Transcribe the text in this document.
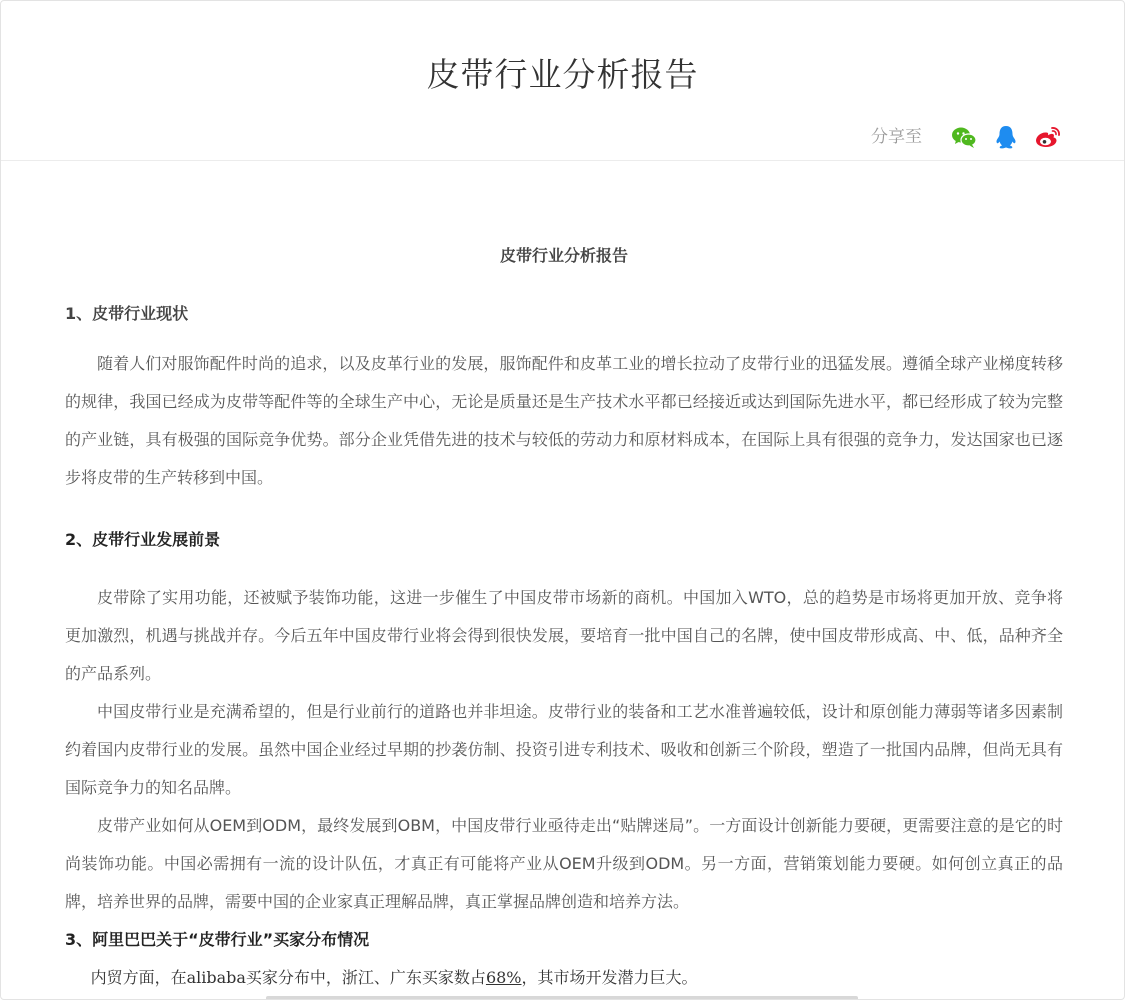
皮带行业分析报告
分享至
皮带行业分析报告
1、皮带行业现状

随着人们对服饰配件时尚的追求，以及皮革行业的发展，服饰配件和皮革工业的增长拉动了皮带行业的迅猛发展。遵循全球产业梯度转移的规律，我国已经成为皮带等配件等的全球生产中心，无论是质量还是生产技术水平都已经接近或达到国际先进水平，都已经形成了较为完整的产业链，具有极强的国际竞争优势。部分企业凭借先进的技术与较低的劳动力和原材料成本，在国际上具有很强的竞争力，发达国家也已逐步将皮带的生产转移到中国。

2、皮带行业发展前景

皮带除了实用功能，还被赋予装饰功能，这进一步催生了中国皮带市场新的商机。中国加入WTO，总的趋势是市场将更加开放、竞争将更加激烈，机遇与挑战并存。今后五年中国皮带行业将会得到很快发展，要培育一批中国自己的名牌，使中国皮带形成高、中、低，品种齐全的产品系列。

中国皮带行业是充满希望的，但是行业前行的道路也并非坦途。皮带行业的装备和工艺水准普遍较低，设计和原创能力薄弱等诸多因素制约着国内皮带行业的发展。虽然中国企业经过早期的抄袭仿制、投资引进专利技术、吸收和创新三个阶段，塑造了一批国内品牌，但尚无具有国际竞争力的知名品牌。

皮带产业如何从OEM到ODM，最终发展到OBM，中国皮带行业亟待走出“贴牌迷局”。一方面设计创新能力要硬，更需要注意的是它的时尚装饰功能。中国必需拥有一流的设计队伍，才真正有可能将产业从OEM升级到ODM。另一方面，营销策划能力要硬。如何创立真正的品牌，培养世界的品牌，需要中国的企业家真正理解品牌，真正掌握品牌创造和培养方法。

3、阿里巴巴关于“皮带行业”买家分布情况

内贸方面，在alibaba买家分布中，浙江、广东买家数占68%，其市场开发潜力巨大。
